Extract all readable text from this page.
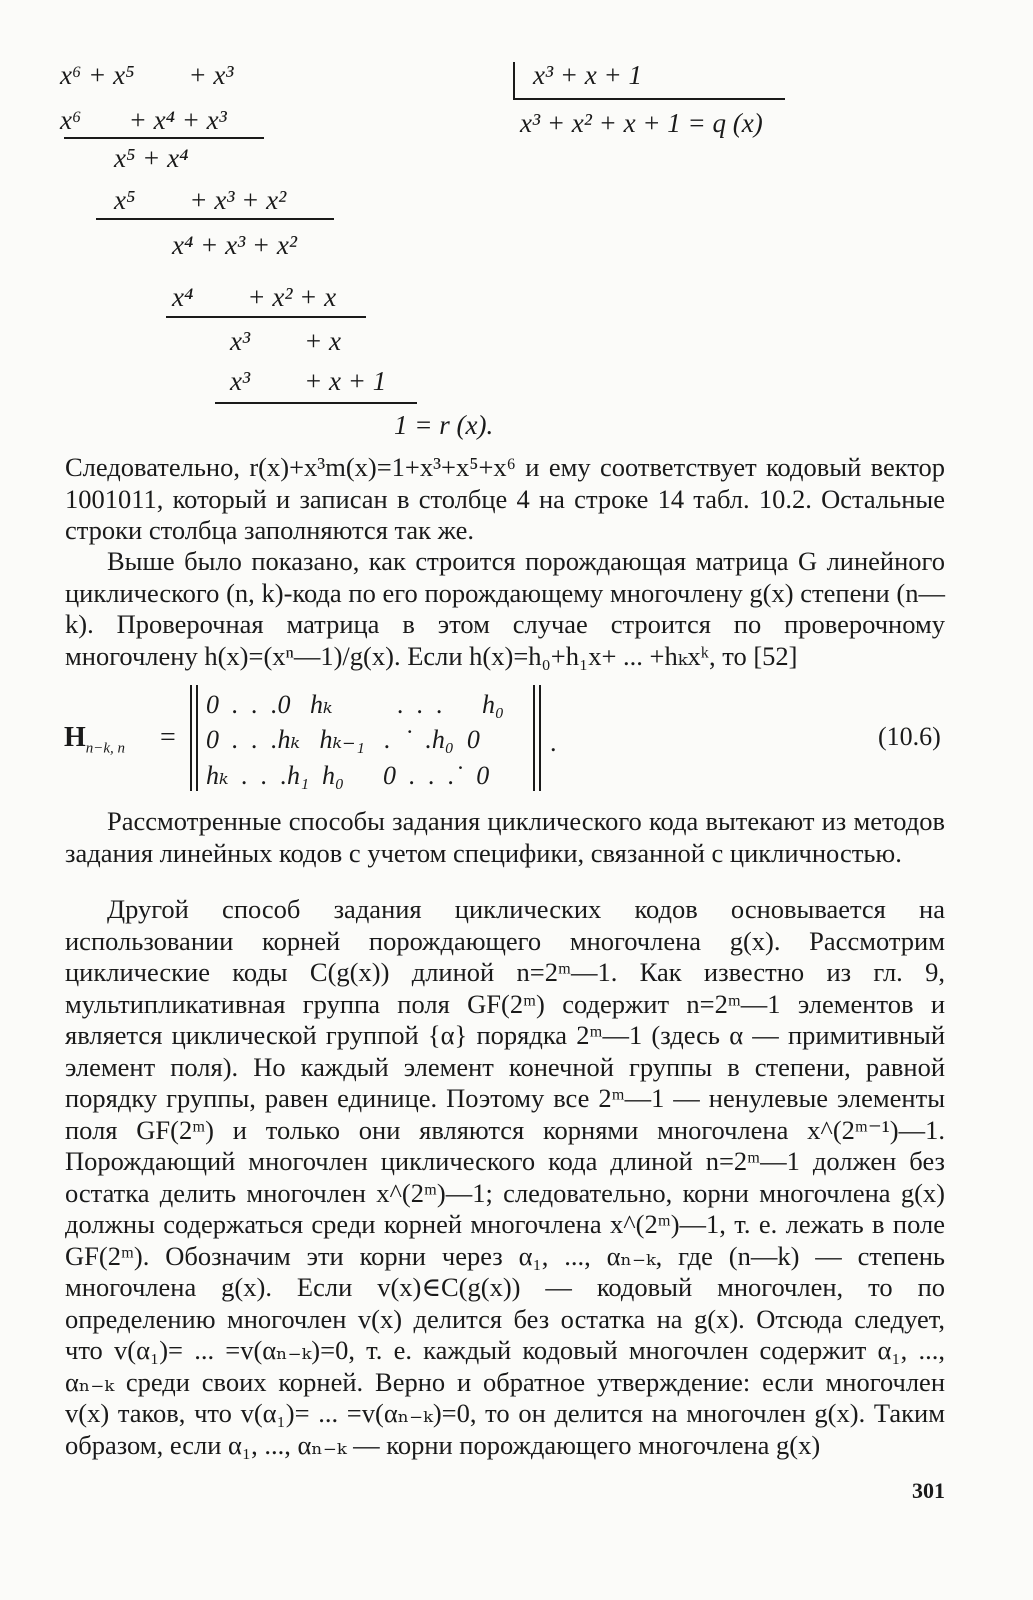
x⁶ + x⁵        + x³
x⁶       + x⁴ + x³
x⁵ + x⁴
x⁵        + x³ + x²
x⁴ + x³ + x²
x⁴        + x² + x
x³        + x
x³        + x + 1
1 = r (x).
x³ + x + 1
x³ + x² + x + 1 = q (x)

Следовательно, r(x)+x³m(x)=1+x³+x⁵+x⁶ и ему соответствует кодовый вектор 1001011, который и записан в столбце 4 на строке 14 табл. 10.2. Остальные строки столбца заполняются так же.

Выше было показано, как строится порождающая матрица G линейного циклического (n, k)-кода по его порождающему многочлену g(x) степени (n—k). Проверочная матрица в этом случае строится по проверочному многочлену h(x)=(xⁿ—1)/g(x). Если h(x)=h₀+h₁x+ ... +hₖxᵏ, то [52]

$H_{n-k, n}$ =
0  .  .  .0   hₖ          .  .  .      h₀
0  .  .  .hₖ   hₖ₋₁   .  ˙  .h₀  0
hₖ  .  .  .h₁  h₀      0  .  .  .˙  0
.	(10.6)

Рассмотренные способы задания циклического кода вытекают из методов задания линейных кодов с учетом специфики, связанной с цикличностью.

Другой способ задания циклических кодов основывается на использовании корней порождающего многочлена g(x). Рассмотрим циклические коды C(g(x)) длиной n=2ᵐ—1. Как известно из гл. 9, мультипликативная группа поля GF(2ᵐ) содержит n=2ᵐ—1 элементов и является циклической группой {α} порядка 2ᵐ—1 (здесь α — примитивный элемент поля). Но каждый элемент конечной группы в степени, равной порядку группы, равен единице. Поэтому все 2ᵐ—1 — ненулевые элементы поля GF(2ᵐ) и только они являются корнями многочлена x^(2ᵐ⁻¹)—1. Порождающий многочлен циклического кода длиной n=2ᵐ—1 должен без остатка делить многочлен x^(2ᵐ)—1; следовательно, корни многочлена g(x) должны содержаться среди корней многочлена x^(2ᵐ)—1, т. е. лежать в поле GF(2ᵐ). Обозначим эти корни через α₁, ..., αₙ₋ₖ, где (n—k) — степень многочлена g(x). Если v(x)∈C(g(x)) — кодовый многочлен, то по определению многочлен v(x) делится без остатка на g(x). Отсюда следует, что v(α₁)= ... =v(αₙ₋ₖ)=0, т. е. каждый кодовый многочлен содержит α₁, ..., αₙ₋ₖ среди своих корней. Верно и обратное утверждение: если многочлен v(x) таков, что v(α₁)= ... =v(αₙ₋ₖ)=0, то он делится на многочлен g(x). Таким образом, если α₁, ..., αₙ₋ₖ — корни порождающего многочлена g(x)

301
